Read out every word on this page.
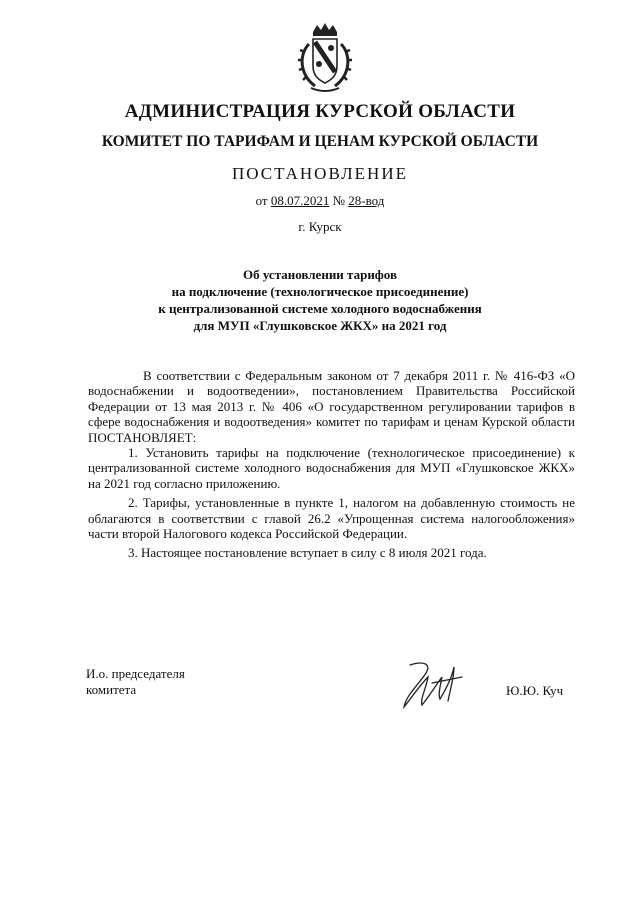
АДМИНИСТРАЦИЯ КУРСКОЙ ОБЛАСТИ
КОМИТЕТ ПО ТАРИФАМ И ЦЕНАМ КУРСКОЙ ОБЛАСТИ
ПОСТАНОВЛЕНИЕ
от 08.07.2021 № 28-вод
г. Курск
Об установлении тарифов
на подключение (технологическое присоединение)
к централизованной системе холодного водоснабжения
для МУП «Глушковское ЖКХ» на 2021 год

В соответствии с Федеральным законом от 7 декабря 2011 г. № 416-ФЗ «О водоснабжении и водоотведении», постановлением Правительства Российской Федерации от 13 мая 2013 г. № 406 «О государственном регулировании тарифов в сфере водоснабжения и водоотведения» комитет по тарифам и ценам Курской области ПОСТАНОВЛЯЕТ:

1. Установить тарифы на подключение (технологическое присоединение) к централизованной системе холодного водоснабжения для МУП «Глушковское ЖКХ» на 2021 год согласно приложению.

2. Тарифы, установленные в пункте 1, налогом на добавленную стоимость не облагаются в соответствии с главой 26.2 «Упрощенная система налогообложения» части второй Налогового кодекса Российской Федерации.

3. Настоящее постановление вступает в силу с 8 июля 2021 года.

И.о. председателя
комитета	Ю.Ю. Куч
